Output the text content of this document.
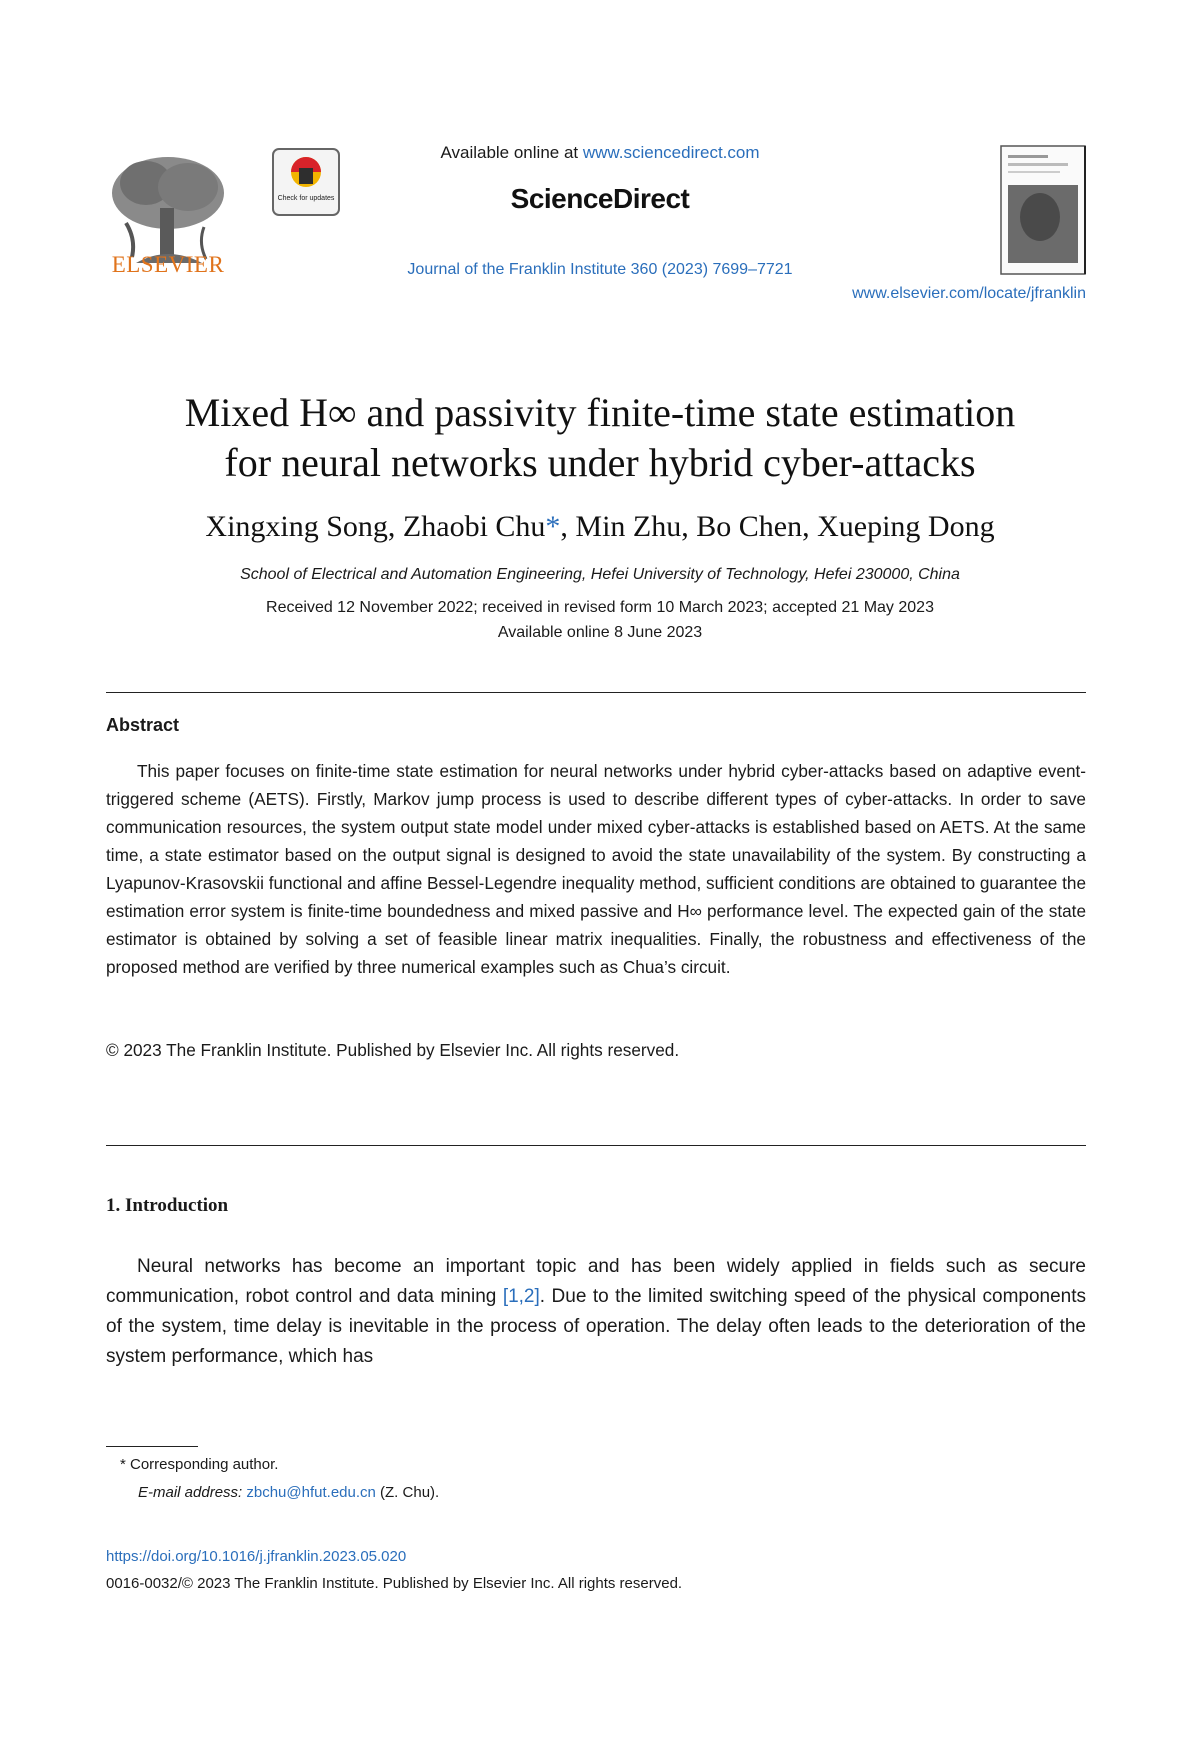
ELSEVIER
Check for updates
Available online at www.sciencedirect.com
ScienceDirect
Journal of the Franklin Institute 360 (2023) 7699–7721
www.elsevier.com/locate/jfranklin
Mixed H∞ and passivity finite-time state estimation
for neural networks under hybrid cyber-attacks
Xingxing Song, Zhaobi Chu*, Min Zhu, Bo Chen, Xueping Dong
School of Electrical and Automation Engineering, Hefei University of Technology, Hefei 230000, China
Received 12 November 2022; received in revised form 10 March 2023; accepted 21 May 2023
Available online 8 June 2023
Abstract

This paper focuses on finite-time state estimation for neural networks under hybrid cyber-attacks based on adaptive event-triggered scheme (AETS). Firstly, Markov jump process is used to describe different types of cyber-attacks. In order to save communication resources, the system output state model under mixed cyber-attacks is established based on AETS. At the same time, a state estimator based on the output signal is designed to avoid the state unavailability of the system. By constructing a Lyapunov-Krasovskii functional and affine Bessel-Legendre inequality method, sufficient conditions are obtained to guarantee the estimation error system is finite-time boundedness and mixed passive and H∞ performance level. The expected gain of the state estimator is obtained by solving a set of feasible linear matrix inequalities. Finally, the robustness and effectiveness of the proposed method are verified by three numerical examples such as Chua’s circuit.

© 2023 The Franklin Institute. Published by Elsevier Inc. All rights reserved.
1. Introduction

Neural networks has become an important topic and has been widely applied in fields such as secure communication, robot control and data mining [1,2]. Due to the limited switching speed of the physical components of the system, time delay is inevitable in the process of operation. The delay often leads to the deterioration of the system performance, which has

* Corresponding author.
E-mail address: zbchu@hfut.edu.cn (Z. Chu).
https://doi.org/10.1016/j.jfranklin.2023.05.020
0016-0032/© 2023 The Franklin Institute. Published by Elsevier Inc. All rights reserved.
